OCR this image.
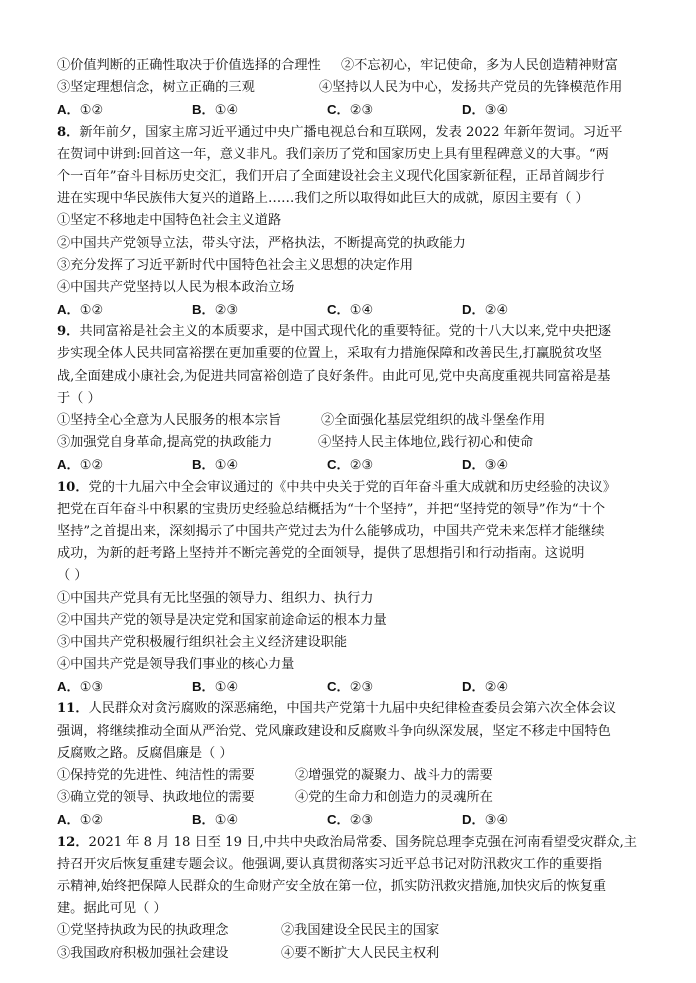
①价值判断的正确性取决于价值选择的合理性	②不忘初心，牢记使命，多为人民创造精神财富
③坚定理想信念，树立正确的三观	④坚持以人民为中心，发扬共产党员的先锋模范作用
A．①②	B．①④	C．②③	D．③④
8．新年前夕，国家主席习近平通过中央广播电视总台和互联网，发表 2022 年新年贺词。习近平
在贺词中讲到:回首这一年，意义非凡。我们亲历了党和国家历史上具有里程碑意义的大事。“两
个一百年”奋斗目标历史交汇，我们开启了全面建设社会主义现代化国家新征程，正昂首阔步行
进在实现中华民族伟大复兴的道路上……我们之所以取得如此巨大的成就，原因主要有（ ）
①坚定不移地走中国特色社会主义道路
②中国共产党领导立法，带头守法，严格执法，不断提高党的执政能力
③充分发挥了习近平新时代中国特色社会主义思想的决定作用
④中国共产党坚持以人民为根本政治立场
A．①②	B．②③	C．①④	D．②④
9．共同富裕是社会主义的本质要求，是中国式现代化的重要特征。党的十八大以来,党中央把逐
步实现全体人民共同富裕摆在更加重要的位置上，采取有力措施保障和改善民生,打赢脱贫攻坚
战,全面建成小康社会,为促进共同富裕创造了良好条件。由此可见,党中央高度重视共同富裕是基
于（ ）
①坚持全心全意为人民服务的根本宗旨	②全面强化基层党组织的战斗堡垒作用
③加强党自身革命,提高党的执政能力	④坚持人民主体地位,践行初心和使命
A．①②	B．①④	C．②③	D．③④
10．党的十九届六中全会审议通过的《中共中央关于党的百年奋斗重大成就和历史经验的决议》
把党在百年奋斗中积累的宝贵历史经验总结概括为“十个坚持”，并把“坚持党的领导”作为“十个
坚持”之首提出来，深刻揭示了中国共产党过去为什么能够成功，中国共产党未来怎样才能继续
成功，为新的赶考路上坚持并不断完善党的全面领导，提供了思想指引和行动指南。这说明
（ ）
①中国共产党具有无比坚强的领导力、组织力、执行力
②中国共产党的领导是决定党和国家前途命运的根本力量
③中国共产党积极履行组织社会主义经济建设职能
④中国共产党是领导我们事业的核心力量
A．①③	B．①④	C．②③	D．②④
11．人民群众对贪污腐败的深恶痛绝，中国共产党第十九届中央纪律检查委员会第六次全体会议
强调，将继续推动全面从严治党、党风廉政建设和反腐败斗争向纵深发展，坚定不移走中国特色
反腐败之路。反腐倡廉是（ ）
①保持党的先进性、纯洁性的需要	②增强党的凝聚力、战斗力的需要
③确立党的领导、执政地位的需要	④党的生命力和创造力的灵魂所在
A．①②	B．①④	C．②③	D．③④
12．2021 年 8 月 18 日至 19 日,中共中央政治局常委、国务院总理李克强在河南看望受灾群众,主
持召开灾后恢复重建专题会议。他强调,要认真贯彻落实习近平总书记对防汛救灾工作的重要指
示精神,始终把保障人民群众的生命财产安全放在第一位，抓实防汛救灾措施,加快灾后的恢复重
建。据此可见（ ）
①党坚持执政为民的执政理念	②我国建设全民民主的国家
③我国政府积极加强社会建设	④要不断扩大人民民主权利
